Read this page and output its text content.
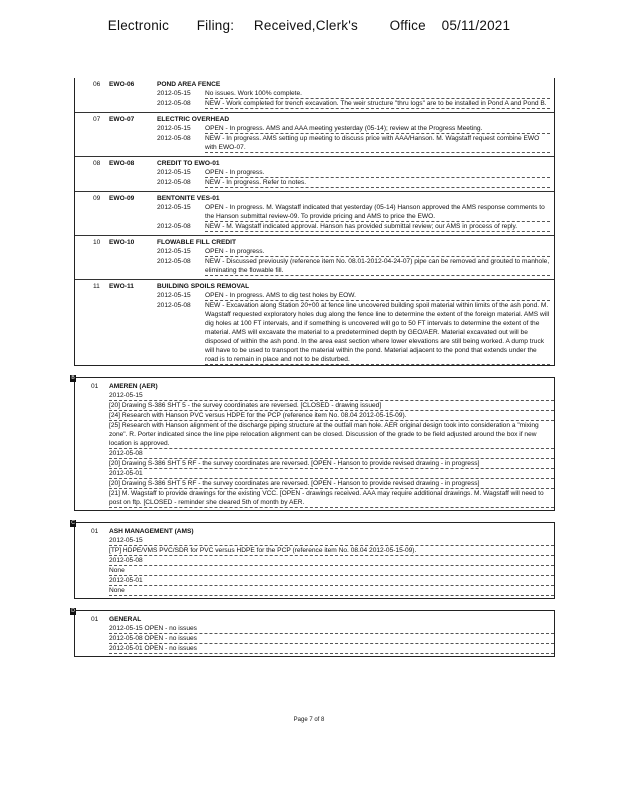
Electronic Filing: Received,Clerk's Office 05/11/2021
06	EWO-06	POND AREA FENCE
2012-05-15	No issues. Work 100% complete.
2012-05-08	NEW - Work completed for trench excavation. The weir structure "thru logs" are to be installed in Pond A and Pond B.
07	EWO-07	ELECTRIC OVERHEAD
2012-05-15	OPEN - In progress. AMS and AAA meeting yesterday (05-14); review at the Progress Meeting.
2012-05-08	NEW - In progress. AMS setting up meeting to discuss price with AAA/Hanson. M. Wagstaff request combine EWO with EWO-07.
08	EWO-08	CREDIT TO EWO-01
2012-05-15	OPEN - In progress.
2012-05-08	NEW - In progress. Refer to notes.
09	EWO-09	BENTONITE VES-01
2012-05-15	OPEN - In progress. M. Wagstaff indicated that yesterday (05-14) Hanson approved the AMS response comments to the Hanson submittal review-09. To provide pricing and AMS to price the EWO.
2012-05-08	NEW - M. Wagstaff indicated approval. Hanson has provided submittal review; our AMS in process of reply.
10	EWO-10	FLOWABLE FILL CREDIT
2012-05-15	OPEN - In progress.
2012-05-08	NEW - Discussed previously (reference item No. 08.01-2012-04-24-07) pipe can be removed and grouted to manhole, eliminating the flowable fill.
11	EWO-11	BUILDING SPOILS REMOVAL
2012-05-15	OPEN - In progress. AMS to dig test holes by EOW.
2012-05-08	NEW - Excavation along Station 20+00 at fence line uncovered building spoil material within limits of the ash pond. M. Wagstaff requested exploratory holes dug along the fence line to determine the extent of the foreign material. AMS will dig holes at 100 FT intervals, and if something is uncovered will go to 50 FT intervals to determine the extent of the material. AMS will excavate the material to a predetermined depth by GEO/AER. Material excavated out will be disposed of within the ash pond. In the area east section where lower elevations are still being worked. A dump truck will have to be used to transport the material within the pond. Material adjacent to the pond that extends under the road is to remain in place and not to be disturbed.
B
01	AMEREN (AER)
2012-05-15
[20] Drawing S-386 SHT 5 - the survey coordinates are reversed. [CLOSED - drawing issued]
[24] Research with Hanson PVC versus HDPE for the PCP (reference item No. 08.04 2012-05-15-09).
[25] Research with Hanson alignment of the discharge piping structure at the outfall man hole. AER original design took into consideration a "mixing zone". R. Porter indicated since the line pipe relocation alignment can be closed. Discussion of the grade to be field adjusted around the box if new location is approved.
2012-05-08
[20] Drawing S-386 SHT 5 RF - the survey coordinates are reversed. [OPEN - Hanson to provide revised drawing - in progress]
2012-05-01
[20] Drawing S-386 SHT 5 RF - the survey coordinates are reversed. [OPEN - Hanson to provide revised drawing - in progress]
[21] M. Wagstaff to provide drawings for the existing VCC. [OPEN - drawings received. AAA may require additional drawings. M. Wagstaff will need to post on ftp. [CLOSED - reminder she cleared 5th of month by AER.
C
01	ASH MANAGEMENT (AMS)
2012-05-15
[TP] HDPE/VMS PVC/SDR for PVC versus HDPE for the PCP (reference item No. 08.04 2012-05-15-09).
2012-05-08
None
2012-05-01
None
D
01	GENERAL
2012-05-15 OPEN - no issues
2012-05-08 OPEN - no issues
2012-05-01 OPEN - no issues
Page 7 of 8
